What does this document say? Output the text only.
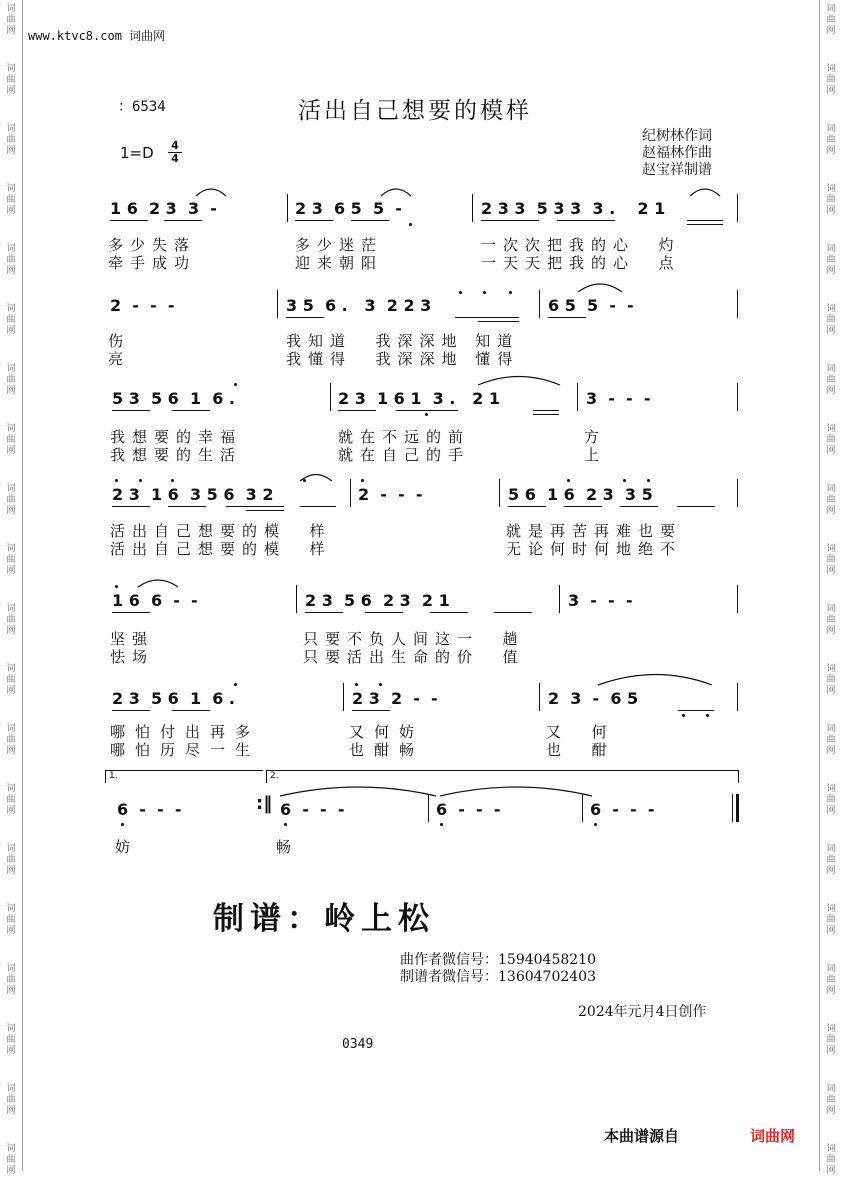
词
曲
网
词
曲
网
词
曲
网
词
曲
网
词
曲
网
词
曲
网
词
曲
网
词
曲
网
词
曲
网
词
曲
网
词
曲
网
词
曲
网
词
曲
网
词
曲
网
词
曲
网
词
曲
网
词
曲
网
词
曲
网
词
曲
网
词
曲
网
词
曲
网
词
曲
网
词
曲
网
词
曲
网
词
曲
网
词
曲
网
词
曲
网
词
曲
网
词
曲
网
词
曲
网
词
曲
网
词
曲
网
词
曲
网
词
曲
网
词
曲
网
词
曲
网
词
曲
网
词
曲
网
词
曲
网
词
曲
网
www.ktvc8.com 词曲网
：6534	活出自己想要的模样
1=D 4
4
纪树林作词
赵福林作曲
赵宝祥制谱
1 6  2 3  3  -	2 3  6 5  5  -	2 3 3  5 3 3  3 .    2 1
多少失落	多少迷茫	一次次把我的心  灼
牵手成功	迎来朝阳	一天天把我的心  点
2  -  -  -	3 5  6 .   3  2 2 3	6 5  5  -  -
伤	我知道  我深深地 知道
亮	我懂得  我深深地 懂得
5 3  5 6  1  6 .	2 3  1 6 1  3 .   2 1	3  -  -  -
我想要的幸福	就在不远的前	方
我想要的生活	就在自己的手	上
2 3  1 6  3 5 6  3 2	2  -  -  -	5 6  1 6  2 3  3 5
活出自己想要的模  样	就是再苦再难也要
活出自己想要的模  样	无论何时何地绝不
1 6  6  -  -	2 3  5 6  2 3  2 1	3  -  -  -
坚强	只要不负人间这一  趟
怯场	只要活出生命的价  值
2 3  5 6  1  6 .	2 3  2  -  -	2  3  -  6 5
哪怕付出再多	又何妨	又  何
哪怕历尽一生	也酣畅	也  酣
1.	2.
6  -  -  -	:‖ 6  -  -  -	6  -  -  -	6  -  -  -
妨	畅
制谱：岭上松
曲作者微信号：15940458210
制谱者微信号：13604702403
2024年元月4日创作
0349
本曲谱源自	词曲网
